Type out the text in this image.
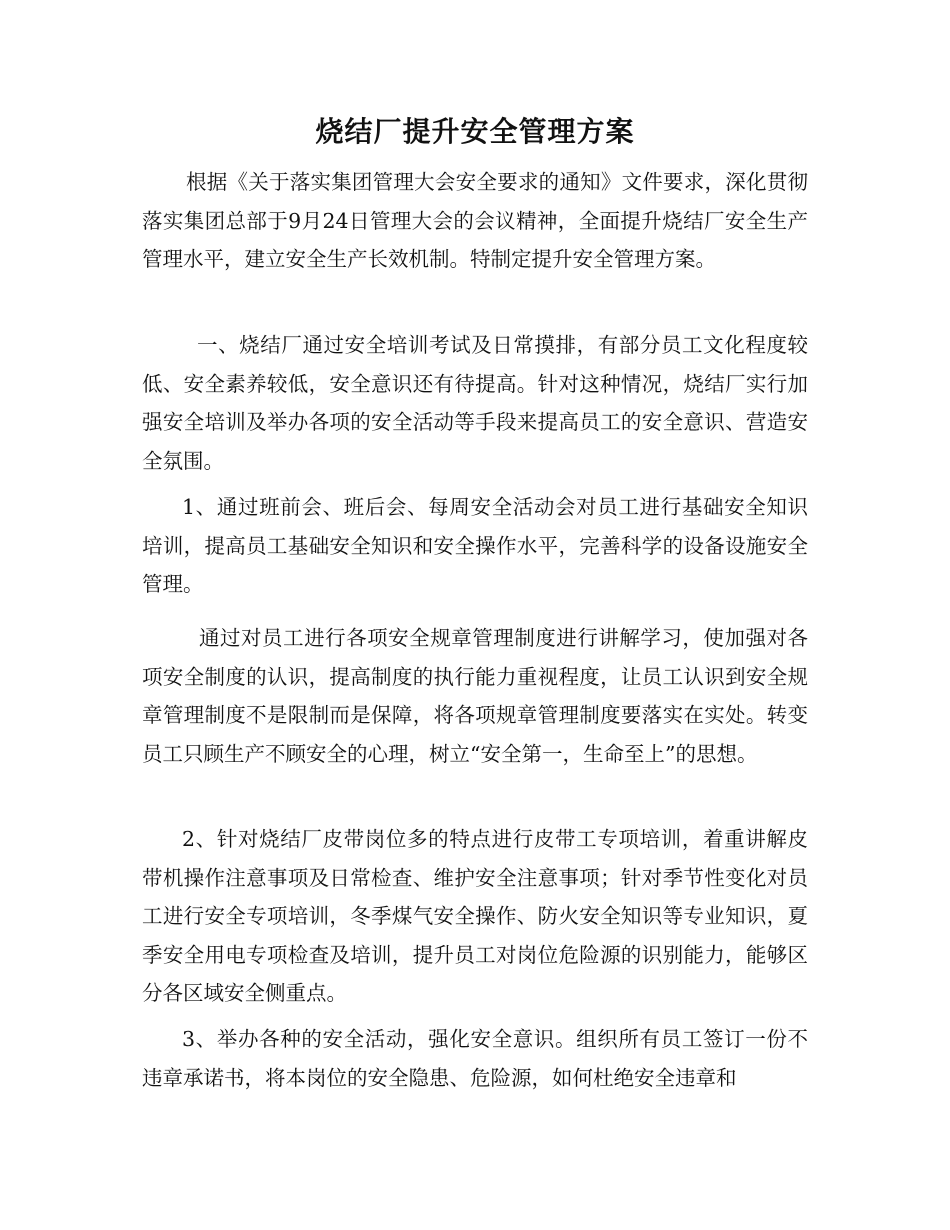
烧结厂提升安全管理方案

根据《关于落实集团管理大会安全要求的通知》文件要求，深化贯彻落实集团总部于9月24日管理大会的会议精神，全面提升烧结厂安全生产管理水平，建立安全生产长效机制。特制定提升安全管理方案。

一、烧结厂通过安全培训考试及日常摸排，有部分员工文化程度较低、安全素养较低，安全意识还有待提高。针对这种情况，烧结厂实行加强安全培训及举办各项的安全活动等手段来提高员工的安全意识、营造安全氛围。

1、通过班前会、班后会、每周安全活动会对员工进行基础安全知识培训，提高员工基础安全知识和安全操作水平，完善科学的设备设施安全管理。

通过对员工进行各项安全规章管理制度进行讲解学习，使加强对各项安全制度的认识，提高制度的执行能力重视程度，让员工认识到安全规章管理制度不是限制而是保障，将各项规章管理制度要落实在实处。转变员工只顾生产不顾安全的心理，树立“安全第一，生命至上”的思想。

2、针对烧结厂皮带岗位多的特点进行皮带工专项培训，着重讲解皮带机操作注意事项及日常检查、维护安全注意事项；针对季节性变化对员工进行安全专项培训，冬季煤气安全操作、防火安全知识等专业知识，夏季安全用电专项检查及培训，提升员工对岗位危险源的识别能力，能够区分各区域安全侧重点。

3、举办各种的安全活动，强化安全意识。组织所有员工签订一份不违章承诺书，将本岗位的安全隐患、危险源，如何杜绝安全违章和
